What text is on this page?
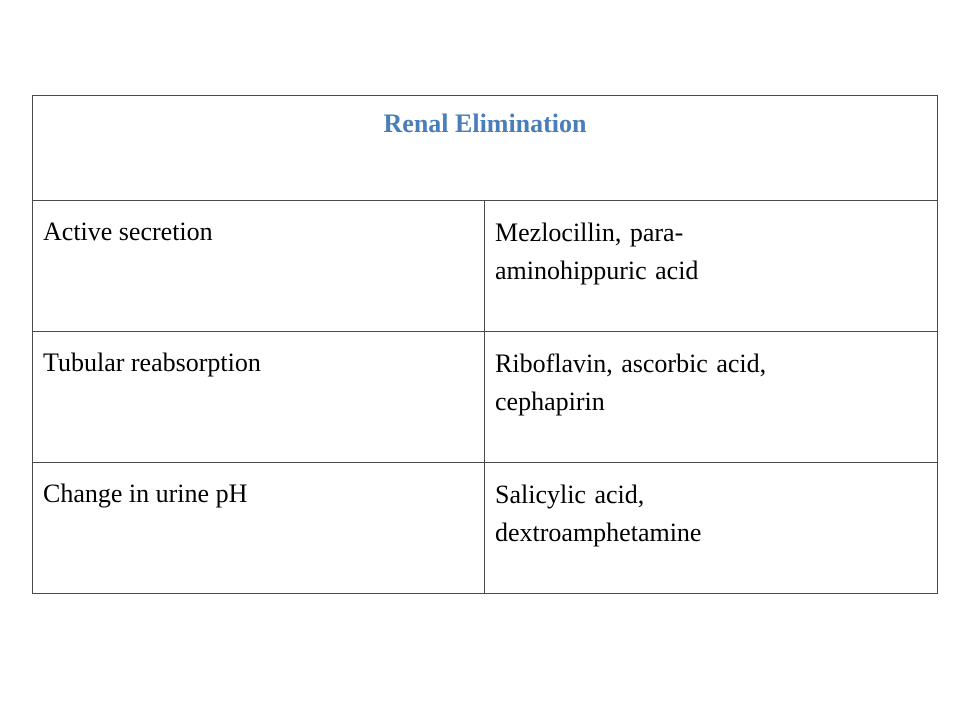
Renal Elimination	

Active secretion	Mezlocillin, para-
aminohippuric acid

Tubular reabsorption	Riboflavin, ascorbic acid,
cephapirin

Change in urine pH	Salicylic acid,
dextroamphetamine
